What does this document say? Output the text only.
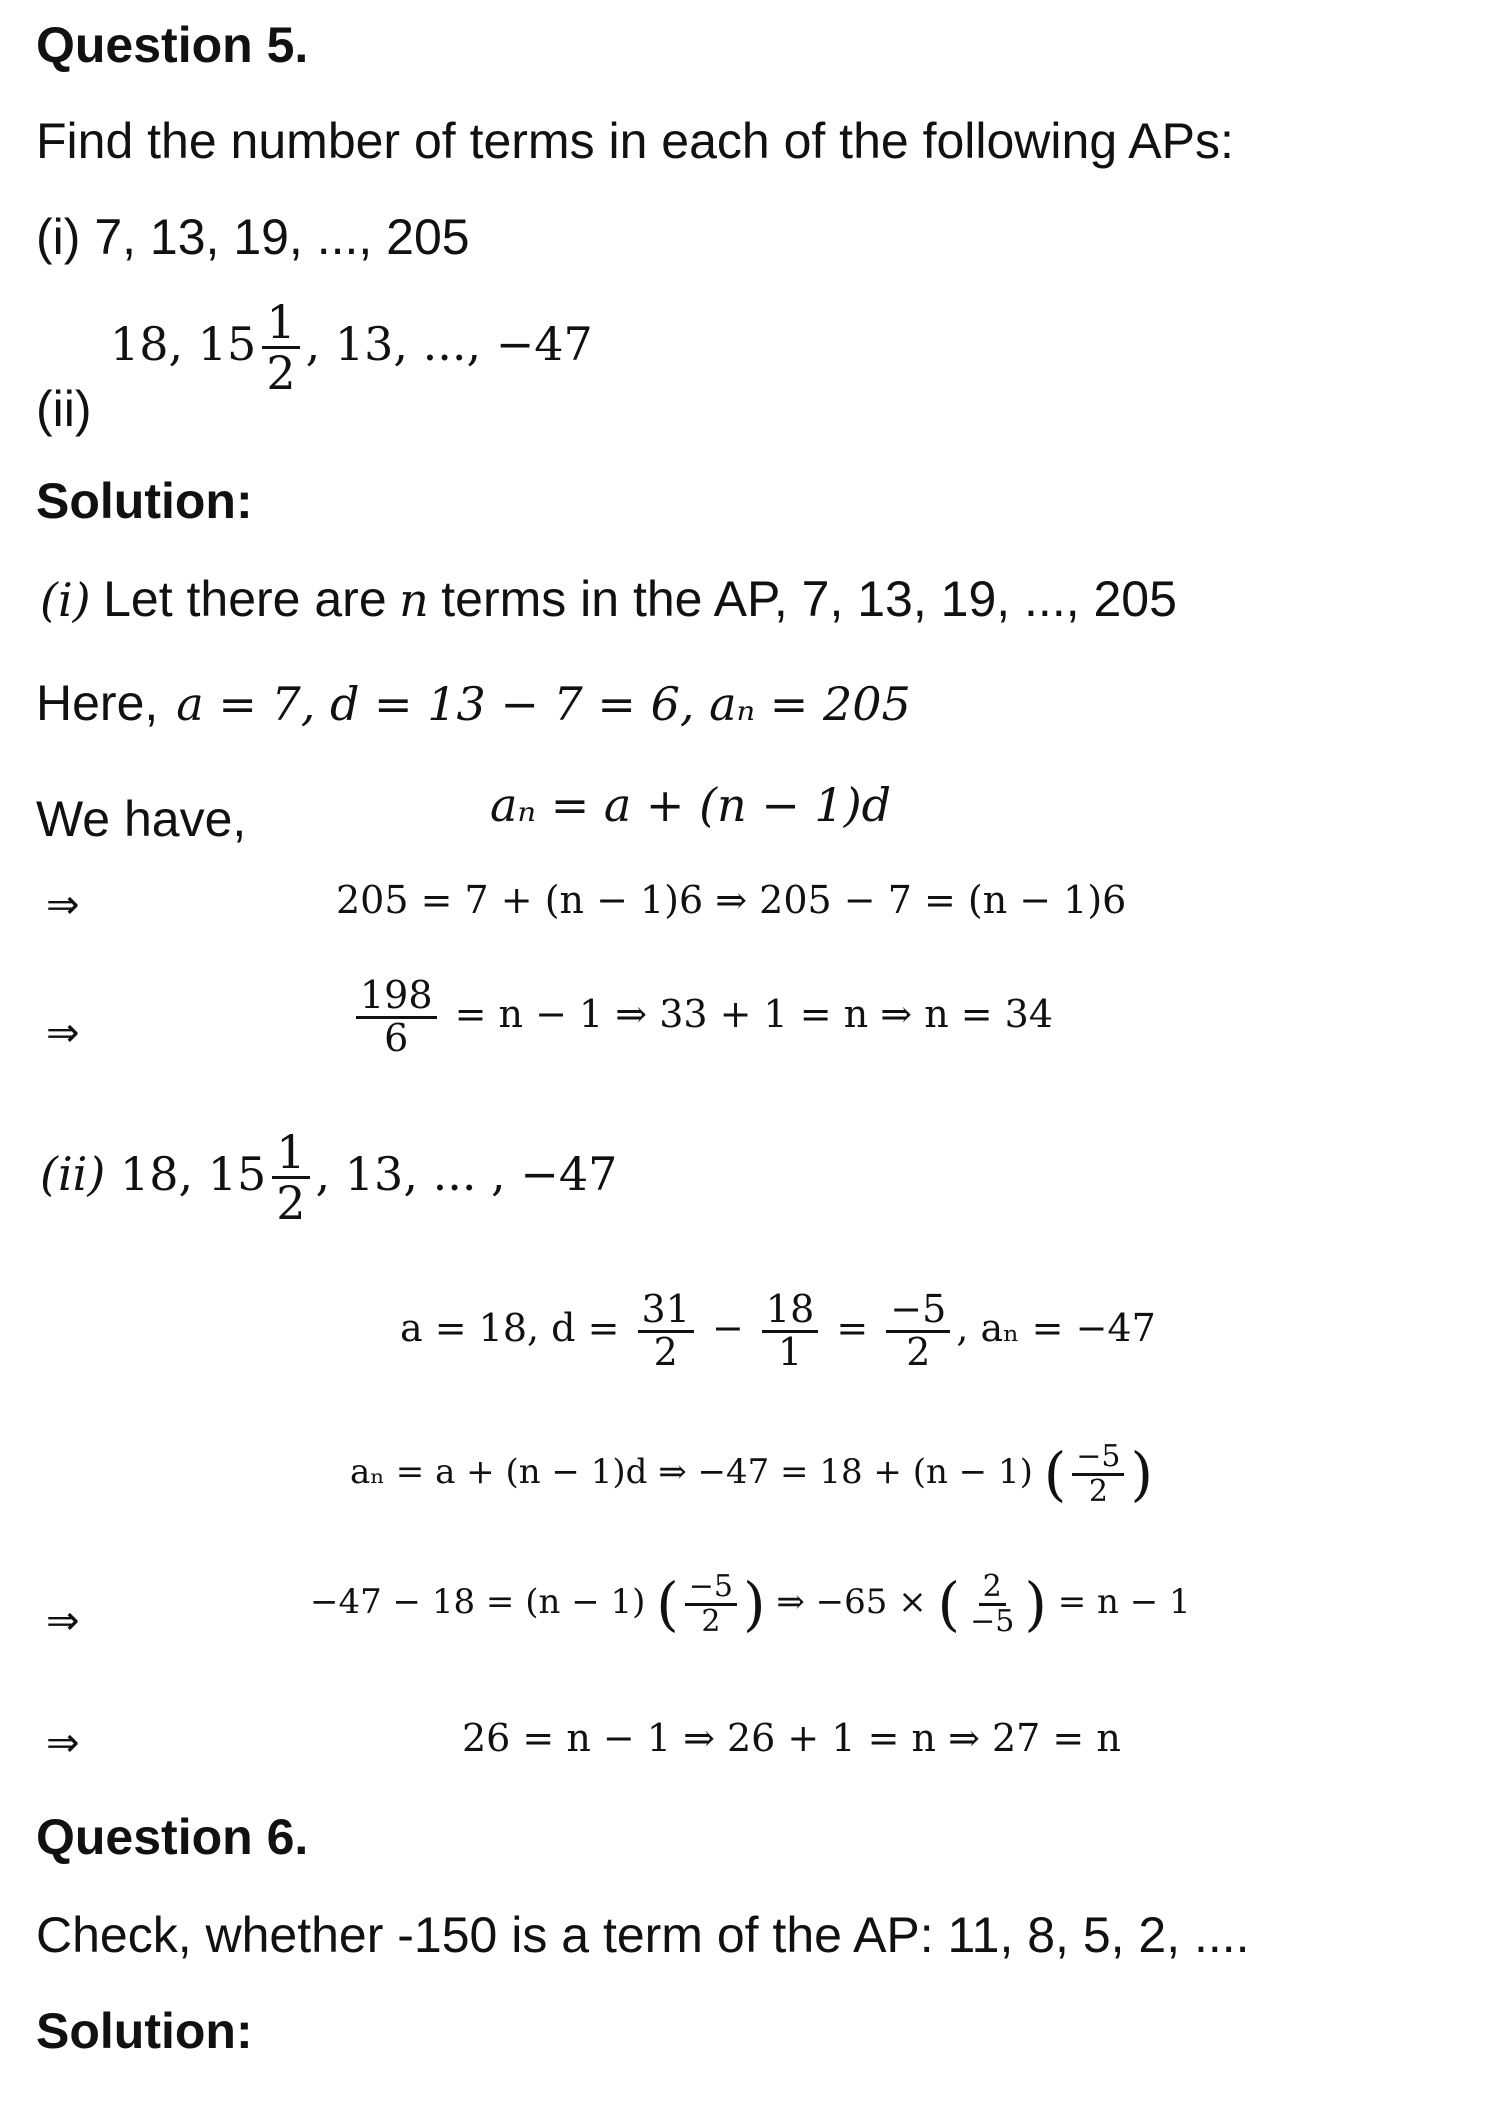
Question 5.
Find the number of terms in each of the following APs:
(i) 7, 13, 19, ..., 205
(ii)
18, $15 \frac{1}{2}$ , 13, ..., −47
Solution:
(i) Let there are n terms in the AP, 7, 13, 19, ..., 205
Here, a = 7, d = 13 − 7 = 6, aₙ = 205
We have,	aₙ = a + (n − 1)d
⇒	205 = 7 + (n − 1)6 ⇒ 205 − 7 = (n − 1)6
⇒	$\frac{198}{6} = n - 1$ ⇒ 33 + 1 = n ⇒ n = 34
(ii) 18, $15 \frac{1}{2}$ , 13, ... , −47
a = 18, $d = \frac{31}{2} - \frac{18}{1} = \frac{-5}{2}$ , aₙ = −47
aₙ = a + (n − 1)d ⇒ −47 = 18 + (n − 1) ( $\frac{-5}{2}$ )
⇒	−47 − 18 = (n − 1) ( $\frac{-5}{2}$ ) ⇒ −65 × ( $\frac{2}{-5}$ ) = n − 1
⇒	26 = n − 1 ⇒ 26 + 1 = n ⇒ 27 = n
Question 6.
Check, whether -150 is a term of the AP: 11, 8, 5, 2, ....
Solution:
